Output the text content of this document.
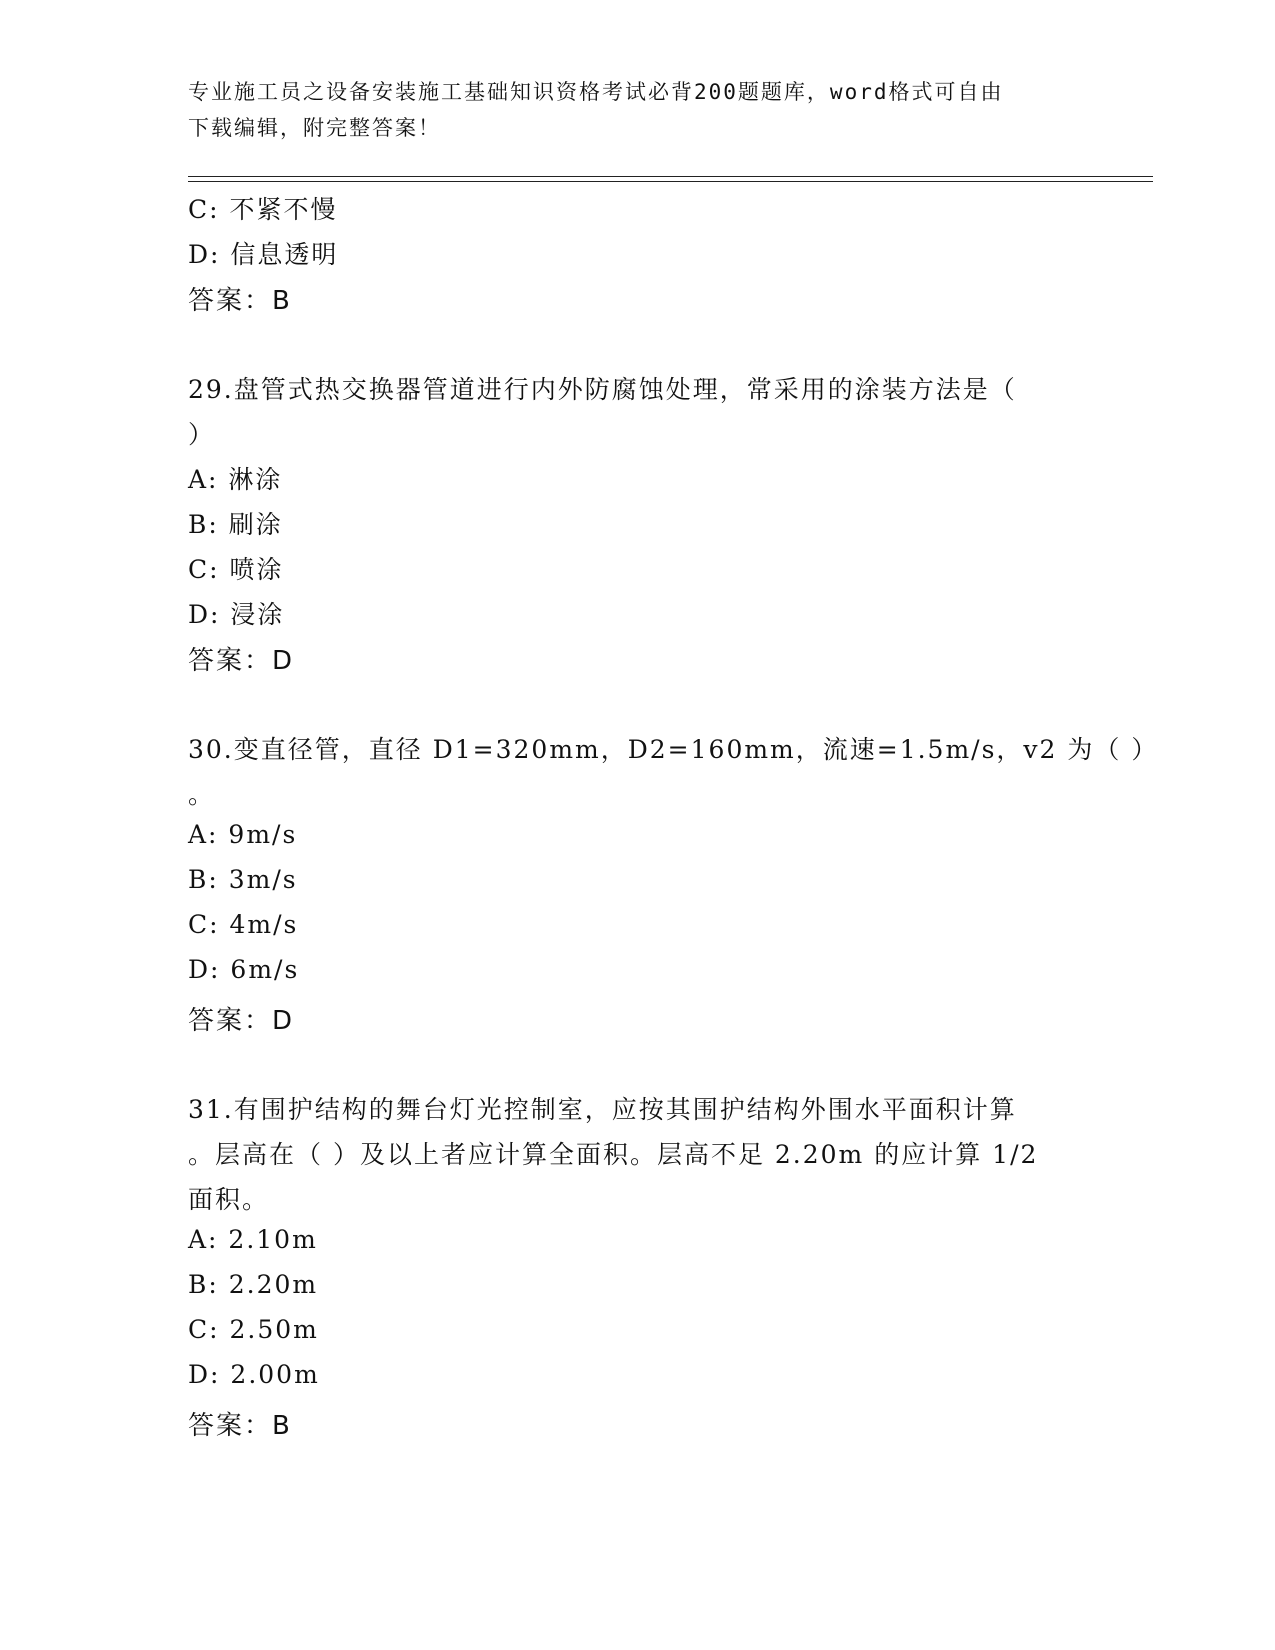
专业施工员之设备安装施工基础知识资格考试必背200题题库，word格式可自由
下载编辑，附完整答案！
C: 不紧不慢
D: 信息透明
答案：B
29.盘管式热交换器管道进行内外防腐蚀处理，常采用的涂装方法是（
）
A: 淋涂
B: 刷涂
C: 喷涂
D: 浸涂
答案：D
30.变直径管，直径 D1=320mm，D2=160mm，流速=1.5m/s，v2 为（ ）
。
A: 9m/s
B: 3m/s
C: 4m/s
D: 6m/s
答案：D
31.有围护结构的舞台灯光控制室，应按其围护结构外围水平面积计算
。层高在（ ）及以上者应计算全面积。层高不足 2.20m 的应计算 1/2
面积。
A: 2.10m
B: 2.20m
C: 2.50m
D: 2.00m
答案：B
